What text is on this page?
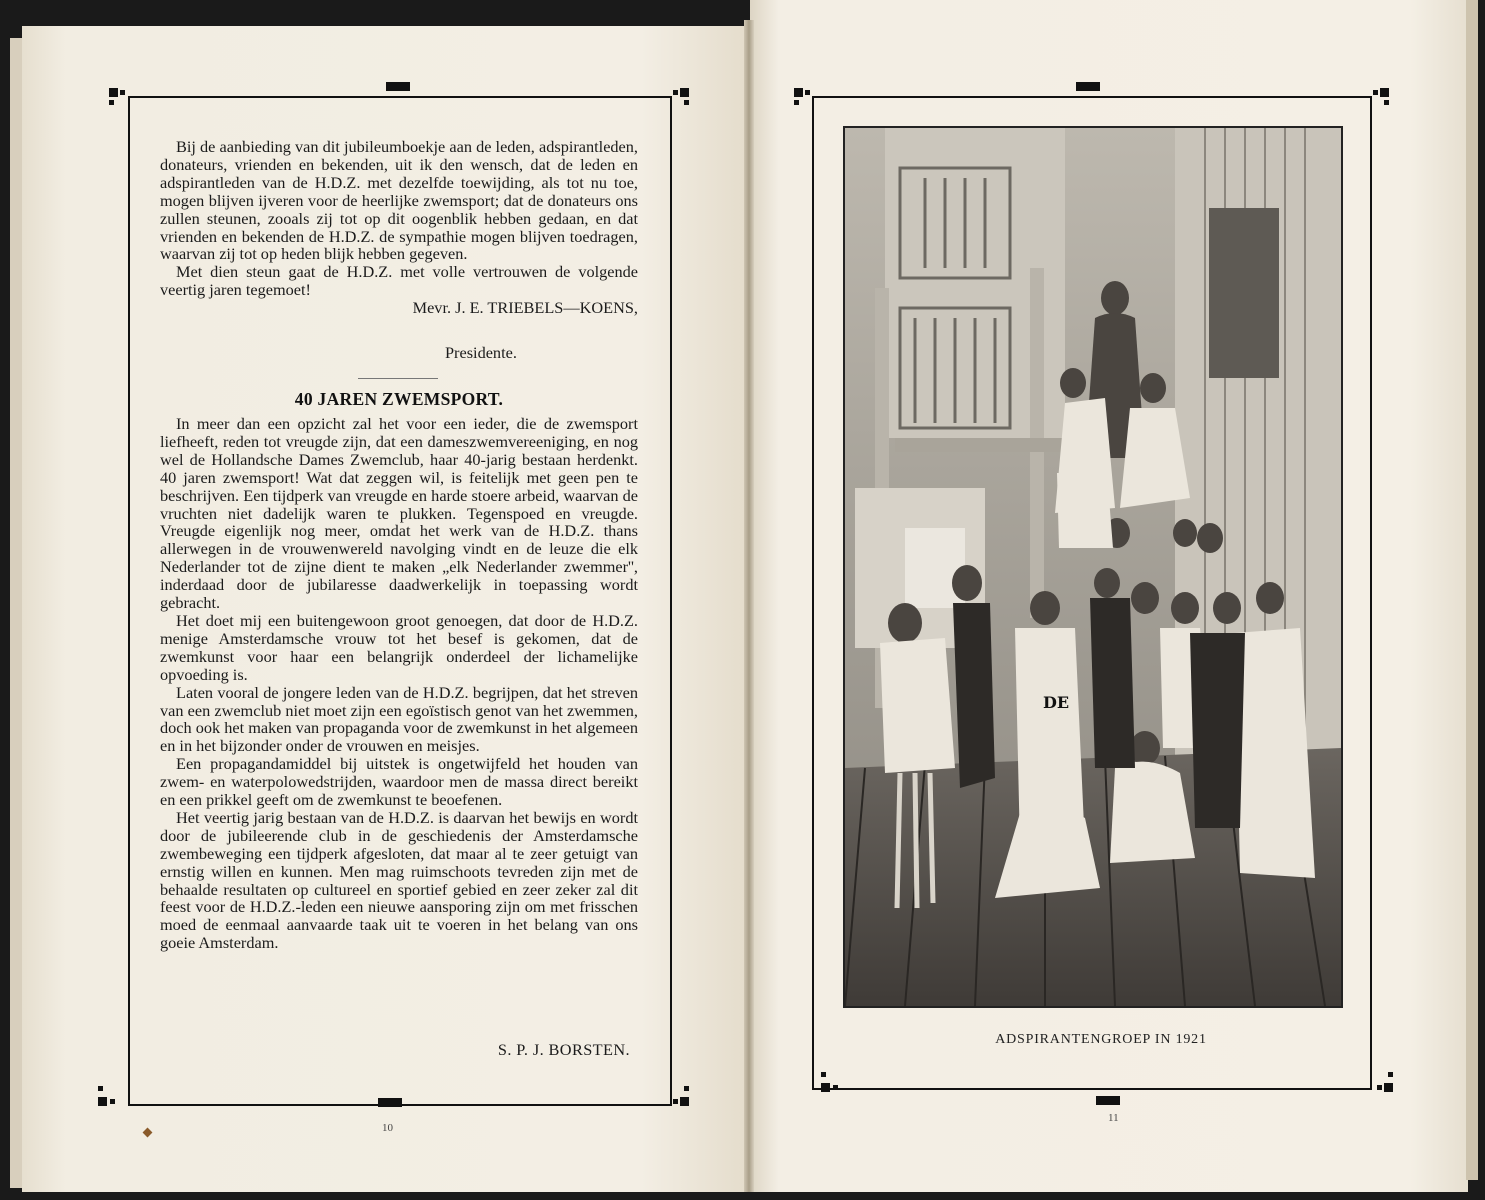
Bij de aanbieding van dit jubileumboekje aan de leden, adspirantleden, donateurs, vrienden en bekenden, uit ik den wensch, dat de leden en adspirantleden van de H.D.Z. met dezelfde toewijding, als tot nu toe, mogen blijven ijveren voor de heerlijke zwemsport; dat de donateurs ons zullen steunen, zooals zij tot op dit oogenblik hebben gedaan, en dat vrienden en bekenden de H.D.Z. de sympathie mogen blijven toedragen, waarvan zij tot op heden blijk hebben gegeven.

Met dien steun gaat de H.D.Z. met volle vertrouwen de volgende veertig jaren tegemoet!

Mevr. J. E. TRIEBELS—KOENS,

Presidente.
40 JAREN ZWEMSPORT.

In meer dan een opzicht zal het voor een ieder, die de zwemsport liefheeft, reden tot vreugde zijn, dat een dameszwemvereeniging, en nog wel de Hollandsche Dames Zwemclub, haar 40-jarig bestaan herdenkt. 40 jaren zwemsport! Wat dat zeggen wil, is feitelijk met geen pen te beschrijven. Een tijdperk van vreugde en harde stoere arbeid, waarvan de vruchten niet dadelijk waren te plukken. Tegenspoed en vreugde. Vreugde eigenlijk nog meer, omdat het werk van de H.D.Z. thans allerwegen in de vrouwenwereld navolging vindt en de leuze die elk Nederlander tot de zijne dient te maken „elk Nederlander zwemmer'', inderdaad door de jubilaresse daadwerkelijk in toepassing wordt gebracht.

Het doet mij een buitengewoon groot genoegen, dat door de H.D.Z. menige Amsterdamsche vrouw tot het besef is gekomen, dat de zwemkunst voor haar een belangrijk onderdeel der lichamelijke opvoeding is.

Laten vooral de jongere leden van de H.D.Z. begrijpen, dat het streven van een zwemclub niet moet zijn een egoïstisch genot van het zwemmen, doch ook het maken van propaganda voor de zwemkunst in het algemeen en in het bijzonder onder de vrouwen en meisjes.

Een propagandamiddel bij uitstek is ongetwijfeld het houden van zwem- en waterpolowedstrijden, waardoor men de massa direct bereikt en een prikkel geeft om de zwemkunst te beoefenen.

Het veertig jarig bestaan van de H.D.Z. is daarvan het bewijs en wordt door de jubileerende club in de geschiedenis der Amsterdamsche zwembeweging een tijdperk afgesloten, dat maar al te zeer getuigt van ernstig willen en kunnen. Men mag ruimschoots tevreden zijn met de behaalde resultaten op cultureel en sportief gebied en zeer zeker zal dit feest voor de H.D.Z.-leden een nieuwe aansporing zijn om met frisschen moed de eenmaal aanvaarde taak uit te voeren in het belang van ons goeie Amsterdam.

S. P. J. BORSTEN.
10
DE
ADSPIRANTENGROEP IN 1921
11
